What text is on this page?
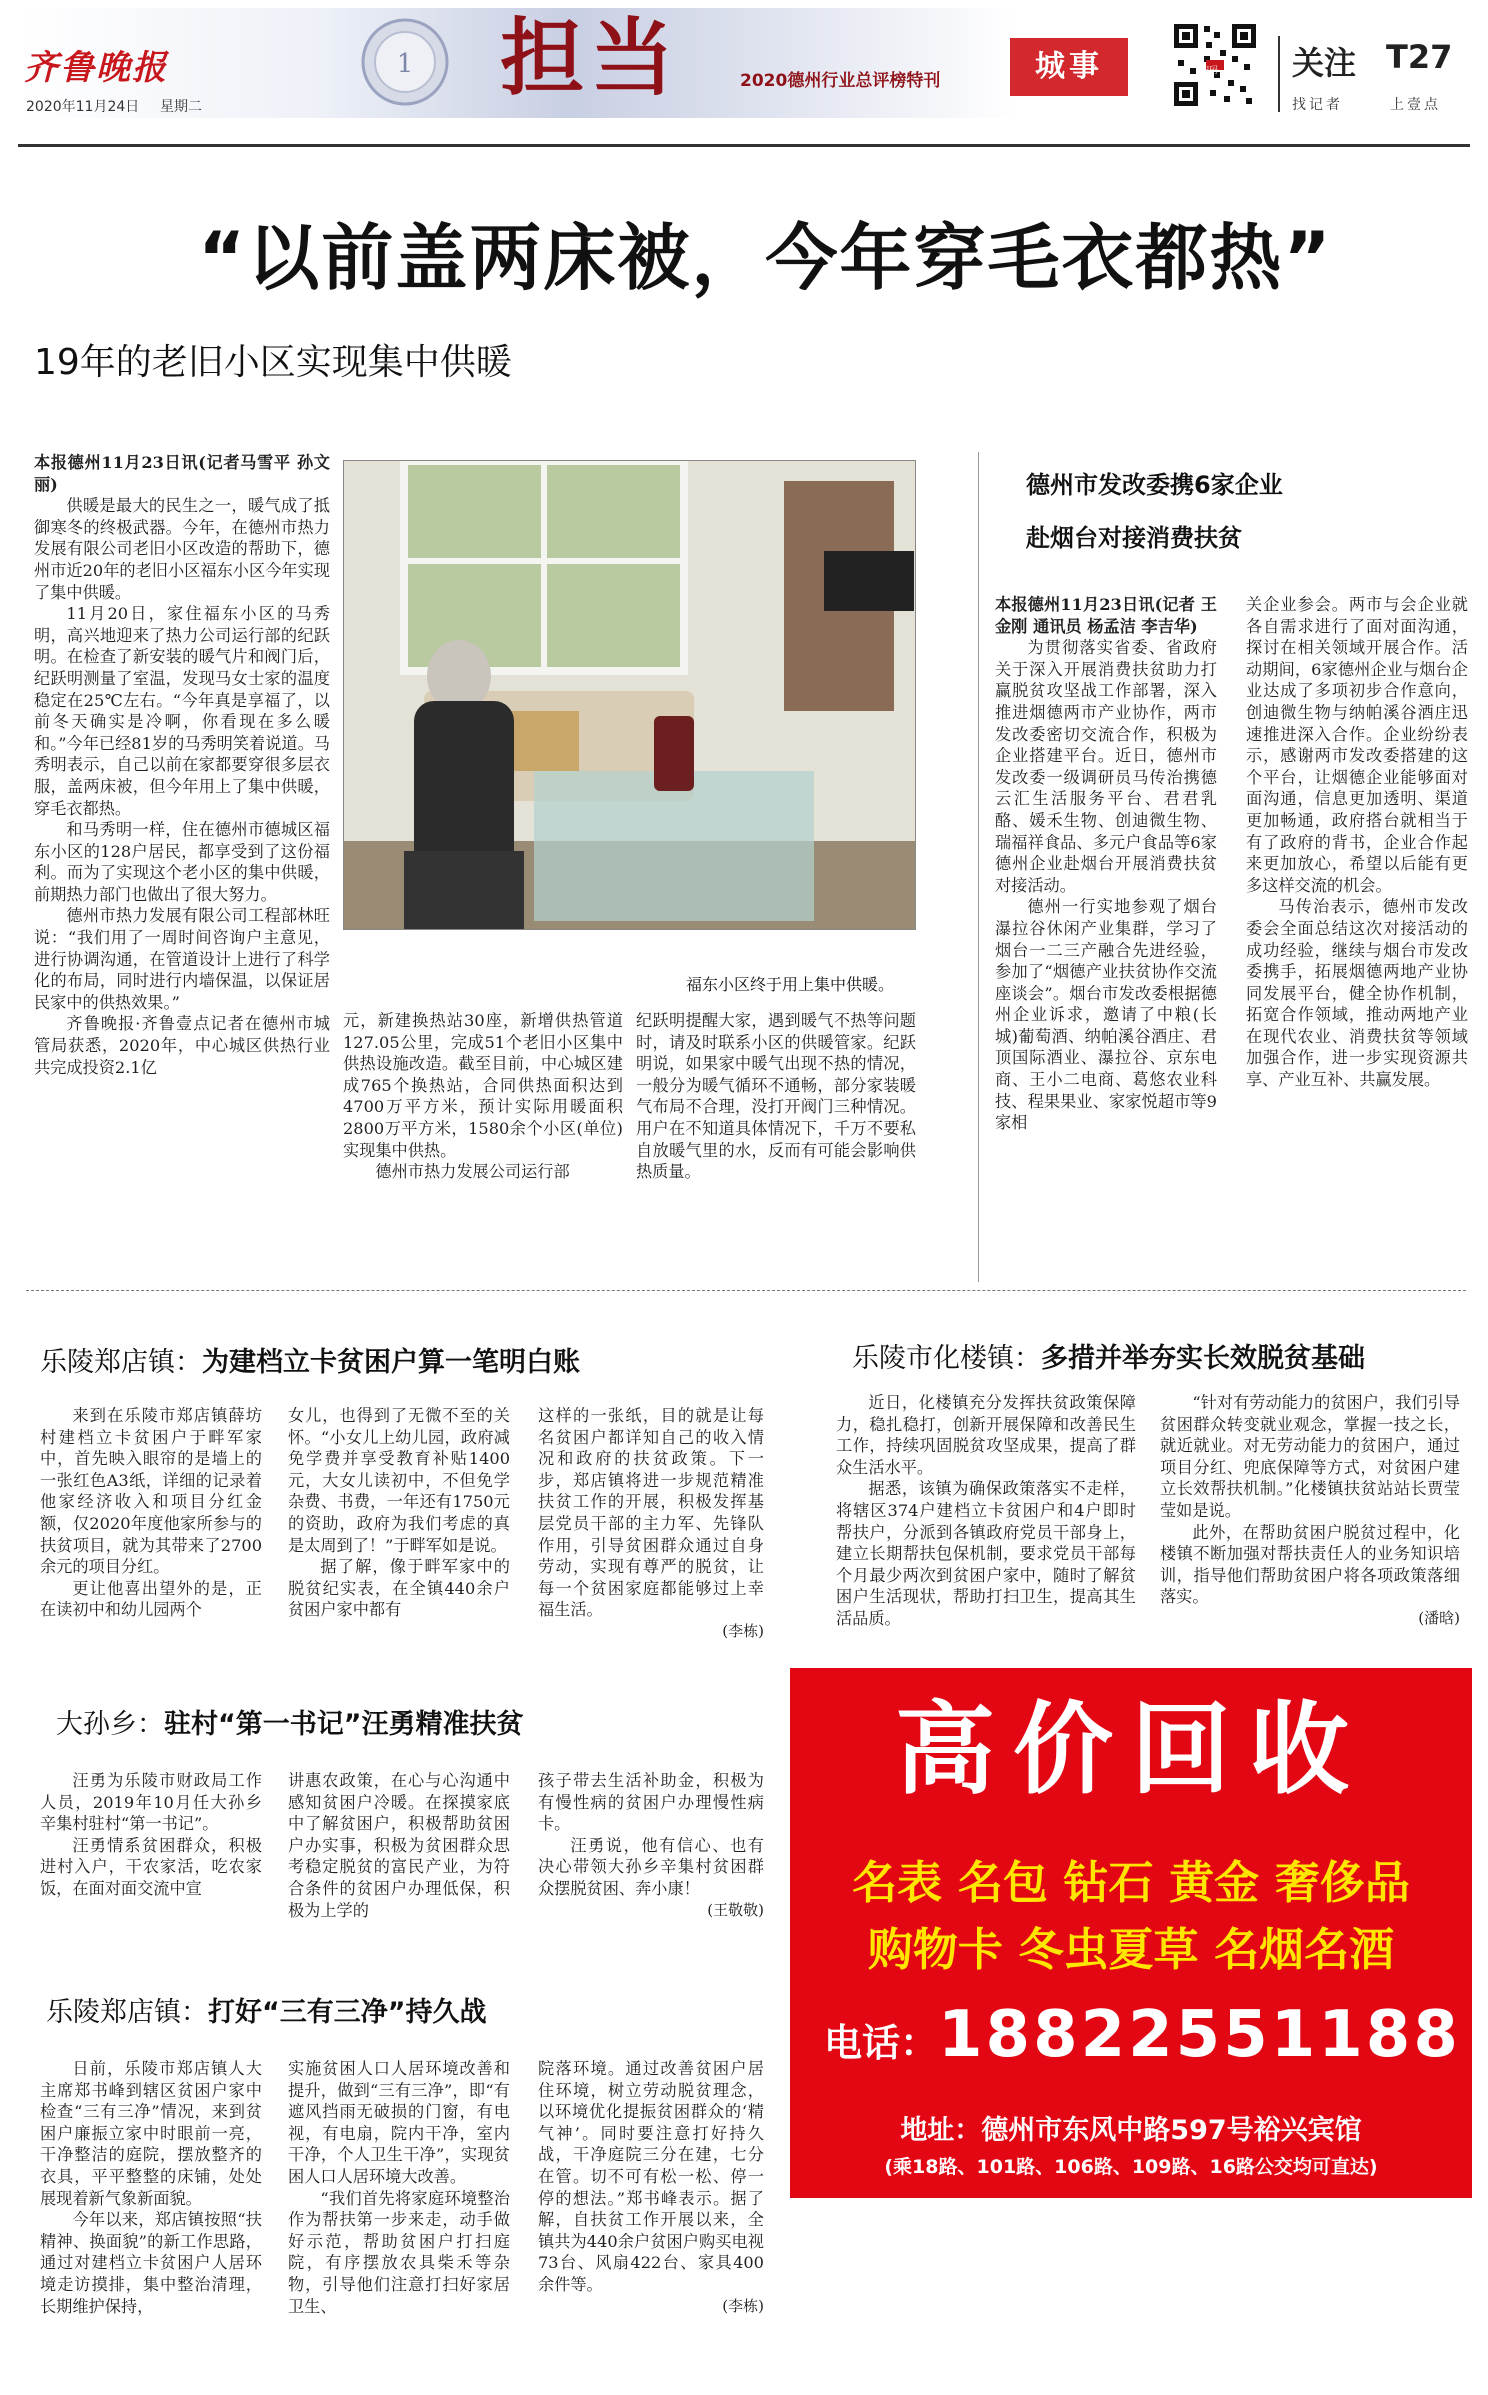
齐鲁晚报
2020年11月24日 星期二
1 担当	2020德州行业总评榜特刊	城事	扫码 关注 T27
找记者	上壹点
“以前盖两床被，今年穿毛衣都热”
19年的老旧小区实现集中供暖
福东小区终于用上集中供暖。

本报德州11月23日讯(记者马雪平 孙文丽)

供暖是最大的民生之一，暖气成了抵御寒冬的终极武器。今年，在德州市热力发展有限公司老旧小区改造的帮助下，德州市近20年的老旧小区福东小区今年实现了集中供暖。

11月20日，家住福东小区的马秀明，高兴地迎来了热力公司运行部的纪跃明。在检查了新安装的暖气片和阀门后，纪跃明测量了室温，发现马女士家的温度稳定在25℃左右。“今年真是享福了，以前冬天确实是冷啊，你看现在多么暖和。”今年已经81岁的马秀明笑着说道。马秀明表示，自己以前在家都要穿很多层衣服，盖两床被，但今年用上了集中供暖，穿毛衣都热。

和马秀明一样，住在德州市德城区福东小区的128户居民，都享受到了这份福利。而为了实现这个老小区的集中供暖，前期热力部门也做出了很大努力。

德州市热力发展有限公司工程部林旺说：“我们用了一周时间咨询户主意见，进行协调沟通，在管道设计上进行了科学化的布局，同时进行内墙保温，以保证居民家中的供热效果。”

齐鲁晚报·齐鲁壹点记者在德州市城管局获悉，2020年，中心城区供热行业共完成投资2.1亿

元，新建换热站30座，新增供热管道127.05公里，完成51个老旧小区集中供热设施改造。截至目前，中心城区建成765个换热站，合同供热面积达到4700万平方米，预计实际用暖面积2800万平方米，1580余个小区(单位)实现集中供热。

德州市热力发展公司运行部

纪跃明提醒大家，遇到暖气不热等问题时，请及时联系小区的供暖管家。纪跃明说，如果家中暖气出现不热的情况，一般分为暖气循环不通畅，部分家装暖气布局不合理，没打开阀门三种情况。用户在不知道具体情况下，千万不要私自放暖气里的水，反而有可能会影响供热质量。

德州市发改委携6家企业
赴烟台对接消费扶贫

本报德州11月23日讯(记者 王金刚 通讯员 杨孟洁 李吉华)

为贯彻落实省委、省政府关于深入开展消费扶贫助力打赢脱贫攻坚战工作部署，深入推进烟德两市产业协作，两市发改委密切交流合作，积极为企业搭建平台。近日，德州市发改委一级调研员马传治携德云汇生活服务平台、君君乳酪、媛禾生物、创迪微生物、瑞福祥食品、多元户食品等6家德州企业赴烟台开展消费扶贫对接活动。

德州一行实地参观了烟台瀑拉谷休闲产业集群，学习了烟台一二三产融合先进经验，参加了“烟德产业扶贫协作交流座谈会”。烟台市发改委根据德州企业诉求，邀请了中粮(长城)葡萄酒、纳帕溪谷酒庄、君顶国际酒业、瀑拉谷、京东电商、王小二电商、葛悠农业科技、程果果业、家家悦超市等9家相

关企业参会。两市与会企业就各自需求进行了面对面沟通，探讨在相关领域开展合作。活动期间，6家德州企业与烟台企业达成了多项初步合作意向，创迪微生物与纳帕溪谷酒庄迅速推进深入合作。企业纷纷表示，感谢两市发改委搭建的这个平台，让烟德企业能够面对面沟通，信息更加透明、渠道更加畅通，政府搭台就相当于有了政府的背书，企业合作起来更加放心，希望以后能有更多这样交流的机会。

马传治表示，德州市发改委会全面总结这次对接活动的成功经验，继续与烟台市发改委携手，拓展烟德两地产业协同发展平台，健全协作机制，拓宽合作领域，推动两地产业在现代农业、消费扶贫等领域加强合作，进一步实现资源共享、产业互补、共赢发展。

乐陵郑店镇：为建档立卡贫困户算一笔明白账

来到在乐陵市郑店镇薛坊村建档立卡贫困户于畔军家中，首先映入眼帘的是墙上的一张红色A3纸，详细的记录着他家经济收入和项目分红金额，仅2020年度他家所参与的扶贫项目，就为其带来了2700余元的项目分红。

更让他喜出望外的是，正在读初中和幼儿园两个

女儿，也得到了无微不至的关怀。“小女儿上幼儿园，政府减免学费并享受教育补贴1400元，大女儿读初中，不但免学杂费、书费，一年还有1750元的资助，政府为我们考虑的真是太周到了！”于畔军如是说。

据了解，像于畔军家中的脱贫纪实表，在全镇440余户贫困户家中都有

这样的一张纸，目的就是让每名贫困户都详知自己的收入情况和政府的扶贫政策。下一步，郑店镇将进一步规范精准扶贫工作的开展，积极发挥基层党员干部的主力军、先锋队作用，引导贫困群众通过自身劳动，实现有尊严的脱贫，让每一个贫困家庭都能够过上幸福生活。

(李栋)

乐陵市化楼镇：多措并举夯实长效脱贫基础

近日，化楼镇充分发挥扶贫政策保障力，稳扎稳打，创新开展保障和改善民生工作，持续巩固脱贫攻坚成果，提高了群众生活水平。

据悉，该镇为确保政策落实不走样，将辖区374户建档立卡贫困户和4户即时帮扶户，分派到各镇政府党员干部身上，建立长期帮扶包保机制，要求党员干部每个月最少两次到贫困户家中，随时了解贫困户生活现状，帮助打扫卫生，提高其生活品质。

“针对有劳动能力的贫困户，我们引导贫困群众转变就业观念，掌握一技之长，就近就业。对无劳动能力的贫困户，通过项目分红、兜底保障等方式，对贫困户建立长效帮扶机制。”化楼镇扶贫站站长贾莹莹如是说。

此外，在帮助贫困户脱贫过程中，化楼镇不断加强对帮扶责任人的业务知识培训，指导他们帮助贫困户将各项政策落细落实。

(潘晗)

大孙乡：驻村“第一书记”汪勇精准扶贫

汪勇为乐陵市财政局工作人员，2019年10月任大孙乡辛集村驻村“第一书记”。

汪勇情系贫困群众，积极进村入户，干农家活，吃农家饭，在面对面交流中宣

讲惠农政策，在心与心沟通中感知贫困户冷暖。在探摸家底中了解贫困户，积极帮助贫困户办实事，积极为贫困群众思考稳定脱贫的富民产业，为符合条件的贫困户办理低保，积极为上学的

孩子带去生活补助金，积极为有慢性病的贫困户办理慢性病卡。

汪勇说，他有信心、也有决心带领大孙乡辛集村贫困群众摆脱贫困、奔小康！

(王敬敬)

乐陵郑店镇：打好“三有三净”持久战

日前，乐陵市郑店镇人大主席郑书峰到辖区贫困户家中检查“三有三净”情况，来到贫困户廉振立家中时眼前一亮，干净整洁的庭院，摆放整齐的衣具，平平整整的床铺，处处展现着新气象新面貌。

今年以来，郑店镇按照“扶精神、换面貌”的新工作思路，通过对建档立卡贫困户人居环境走访摸排，集中整治清理，长期维护保持，

实施贫困人口人居环境改善和提升，做到“三有三净”，即“有遮风挡雨无破损的门窗，有电视，有电扇，院内干净，室内干净，个人卫生干净”，实现贫困人口人居环境大改善。

“我们首先将家庭环境整治作为帮扶第一步来走，动手做好示范，帮助贫困户打扫庭院，有序摆放农具柴禾等杂物，引导他们注意打扫好家居卫生、

院落环境。通过改善贫困户居住环境，树立劳动脱贫理念，以环境优化提振贫困群众的‘精气神’。同时要注意打好持久战，干净庭院三分在建，七分在管。切不可有松一松、停一停的想法。”郑书峰表示。据了解，自扶贫工作开展以来，全镇共为440余户贫困户购买电视73台、风扇422台、家具400余件等。

(李栋)

高价回收
名表 名包 钻石 黄金 奢侈品
购物卡 冬虫夏草 名烟名酒
电话：18822551188
地址：德州市东风中路597号裕兴宾馆
(乘18路、101路、106路、109路、16路公交均可直达)
